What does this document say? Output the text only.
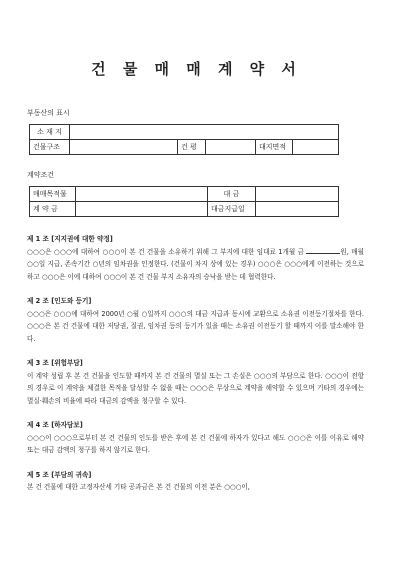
건 물 매 매 계 약 서
부동산의 표시
소 재 지					
건물구조		건 평		대지면적	
계약조건
매매목적물		대 금	
계 약 금		대금지급일	
제 1 조 [지지권에 대한 약정]
○○○은 ○○○에 대하여 ○○○이 본 건 건물을 소유하기 위해 그 부지에 대한 임대료 1개월 금	원, 매월 ○○일 지급, 존속기간 ○년의 임차권을 인정한다. (건물이 차지 상에 있는 경우) ○○○은 ○○○에게 이전하는 것으로 하고 ○○○은 이에 대하여 ○○○이 본 건 건물 부지 소유자의 승낙을 받는 데 협력한다.
제 2 조 [인도와 등기]
○○○은 ○○○에 대하여 2000년 ○월 ○일까지 ○○○의 대금 지급과 동시에 교환으로 소유권 이전등기절차를 한다. ○○○은 본 건 건물에 대한 저당권, 질권, 임차권 등의 등기가 있을 때는 소유권 이전등기 할 때까지 이를 말소해야 한다.
제 3 조 [위험부담]
이 계약 성립 후 본 건 건물을 인도할 때까지 본 건 건물의 멸실 또는 그 손실은 ○○○의 부담으로 한다. ○○○이 전항의 경우로 이 계약을 체결한 목적을 달성할 수 없을 때는 ○○○은 무상으로 계약을 해약할 수 있으며 기타의 경우에는 멸실·훼손의 비율에 따라 대금의 감액을 청구할 수 있다.
제 4 조 [하자담보]
○○○이 ○○○으로부터 본 건 건물의 인도를 받은 후에 본 건 건물에 하자가 있다고 해도 ○○○은 이를 이유로 해약 또는 대금 감액의 청구를 하지 않기로 한다.
제 5 조 [부담의 귀속]
본 건 건물에 대한 고정자산세 기타 공과금은 본 건 건물의 이전 분은 ○○○이,
